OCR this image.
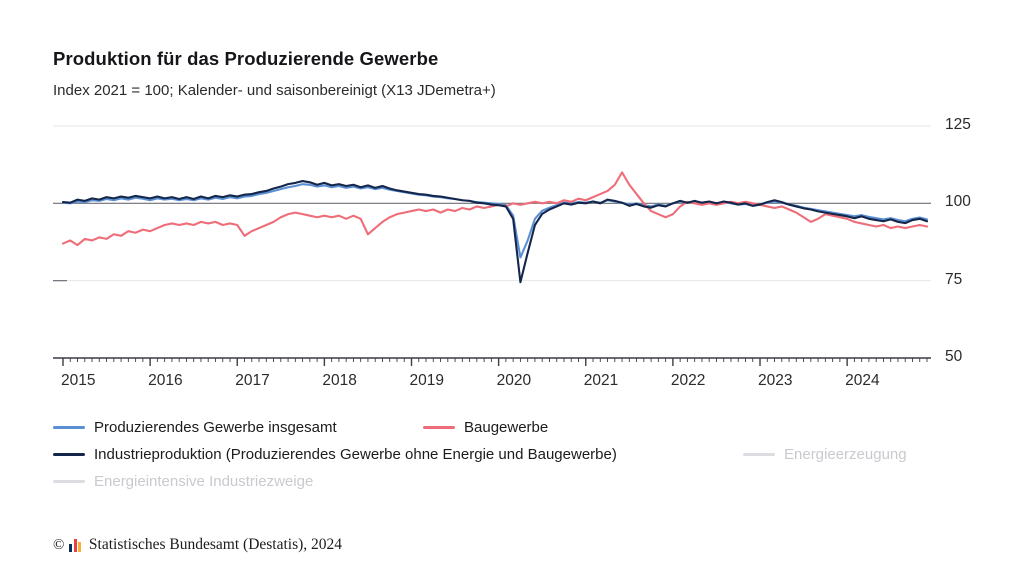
Produktion für das Produzierende Gewerbe
Index 2021 = 100; Kalender- und saisonbereinigt (X13 JDemetra+)
50
75
100
125
2015	2016	2017	2018	2019	2020	2021	2022	2023	2024
Produzierendes Gewerbe insgesamt	Baugewerbe
Industrieproduktion (Produzierendes Gewerbe ohne Energie und Baugewerbe)	Energieerzeugung
Energieintensive Industriezweige
© Statistisches Bundesamt (Destatis), 2024
